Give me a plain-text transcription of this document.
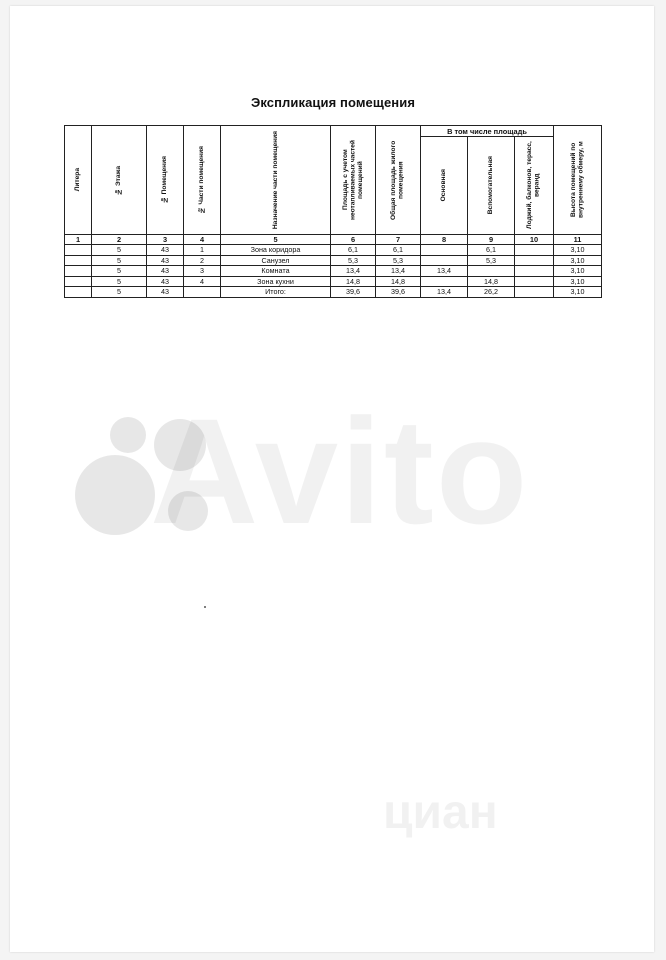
Экспликация помещения
Литера	№ Этажа	№ Помещения	№ Части помещения	Назначение части помещения	Площадь с учетом неотапливаемых частей помещений	Общая площадь жилого помещения	В том числе площадь			Высота помещений по внутреннему обмеру, м

							Основная	Вспомогательная	Лоджий, балконов, терасс, веранд	

1	2	3	4	5	6	7	8	9	10	11
	5	43	1	Зона коридора	6,1	6,1		6,1		3,10
	5	43	2	Санузел	5,3	5,3		5,3		3,10
	5	43	3	Комната	13,4	13,4	13,4			3,10
	5	43	4	Зона кухни	14,8	14,8		14,8		3,10
	5	43		Итого:	39,6	39,6	13,4	26,2		3,10
Avito
циан
